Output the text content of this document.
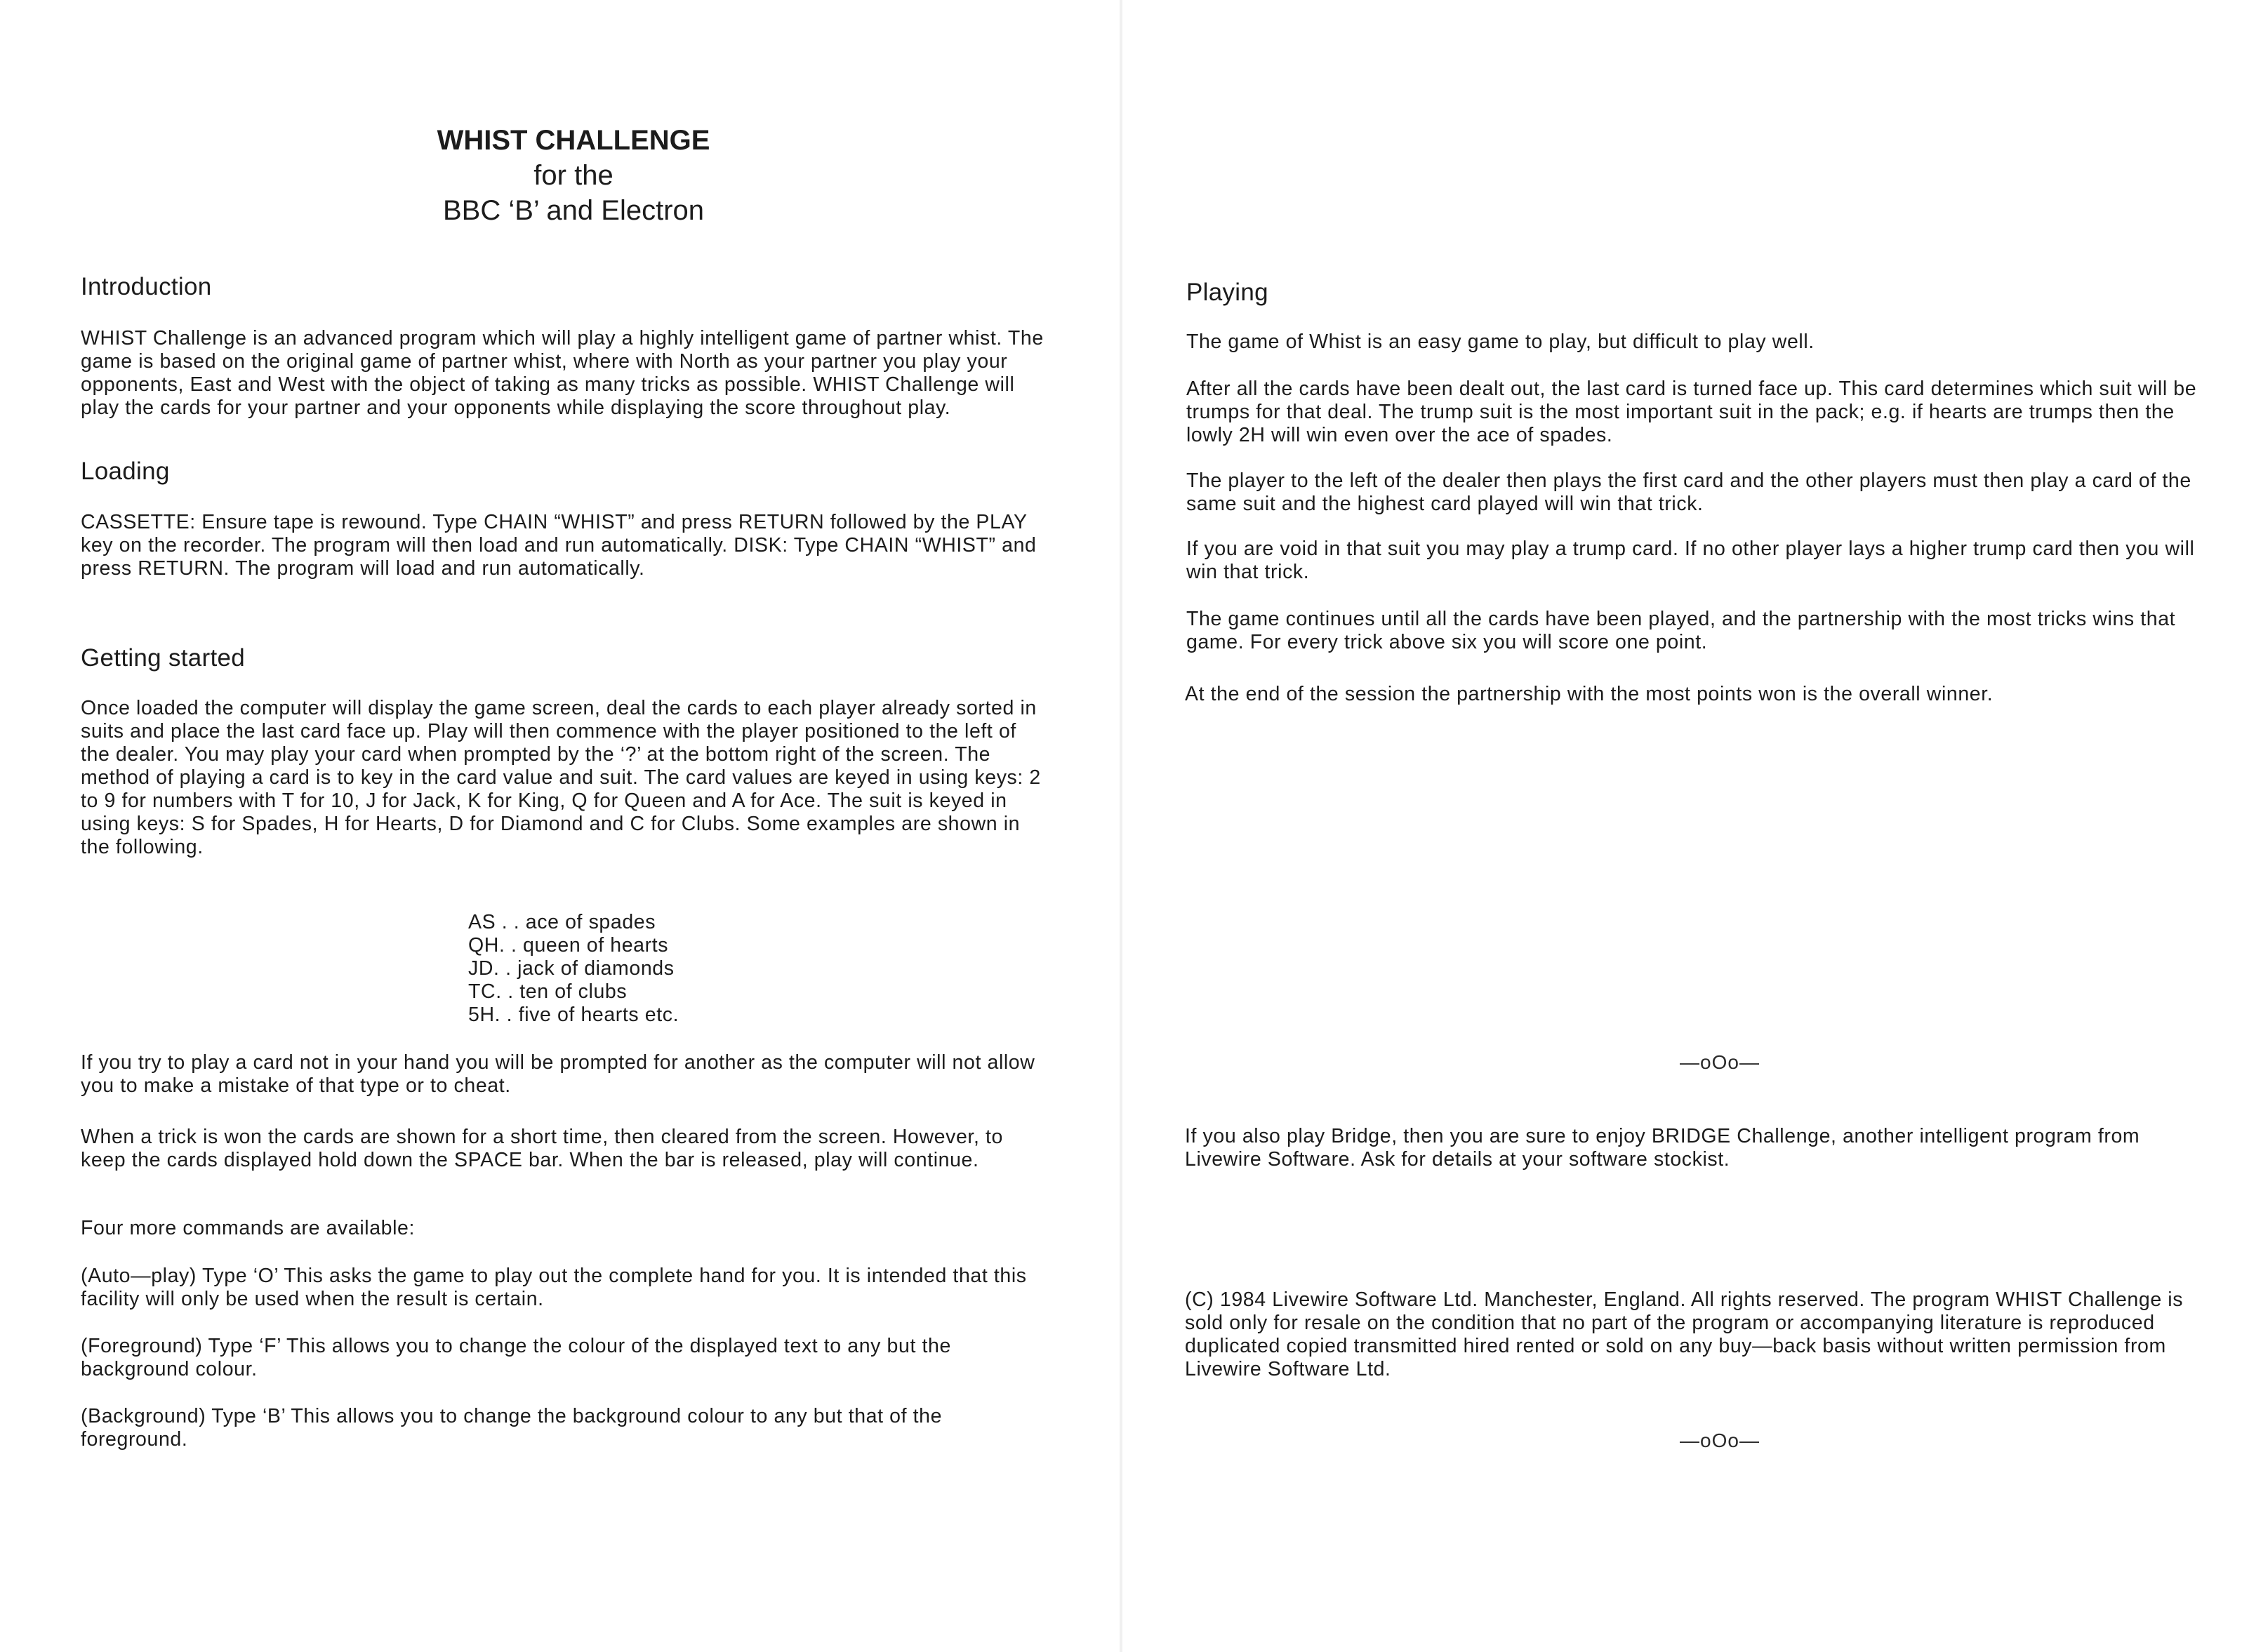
WHIST CHALLENGE
for the
BBC ‘B’ and Electron
Introduction

WHIST Challenge is an advanced program which will play a highly intelligent game of partner whist. The game is based on the original game of partner whist, where with North as your partner you play your opponents, East and West with the object of taking as many tricks as possible. WHIST Challenge will play the cards for your partner and your opponents while displaying the score throughout play.

Loading

CASSETTE: Ensure tape is rewound. Type CHAIN “WHIST” and press RETURN followed by the PLAY key on the recorder. The program will then load and run automatically. DISK: Type CHAIN “WHIST” and press RETURN. The program will load and run automatically.

Getting started

Once loaded the computer will display the game screen, deal the cards to each player already sorted in suits and place the last card face up. Play will then commence with the player positioned to the left of the dealer. You may play your card when prompted by the ‘?’ at the bottom right of the screen. The method of playing a card is to key in the card value and suit. The card values are keyed in using keys: 2 to 9 for numbers with T for 10, J for Jack, K for King, Q for Queen and A for Ace. The suit is keyed in using keys: S for Spades, H for Hearts, D for Diamond and C for Clubs. Some examples are shown in the following.

AS . . ace of spades
QH. . queen of hearts
JD. . jack of diamonds
TC. . ten of clubs
5H. . five of hearts etc.

If you try to play a card not in your hand you will be prompted for another as the computer will not allow you to make a mistake of that type or to cheat.

When a trick is won the cards are shown for a short time, then cleared from the screen. However, to keep the cards displayed hold down the SPACE bar. When the bar is released, play will continue.

Four more commands are available:

(Auto—play) Type ‘O’ This asks the game to play out the complete hand for you. It is intended that this facility will only be used when the result is certain.

(Foreground) Type ‘F’ This allows you to change the colour of the displayed text to any but the background colour.

(Background) Type ‘B’ This allows you to change the background colour to any but that of the foreground.

Playing

The game of Whist is an easy game to play, but difficult to play well.

After all the cards have been dealt out, the last card is turned face up. This card determines which suit will be trumps for that deal. The trump suit is the most important suit in the pack; e.g. if hearts are trumps then the lowly 2H will win even over the ace of spades.

The player to the left of the dealer then plays the first card and the other players must then play a card of the same suit and the highest card played will win that trick.

If you are void in that suit you may play a trump card. If no other player lays a higher trump card then you will win that trick.

The game continues until all the cards have been played, and the partnership with the most tricks wins that game. For every trick above six you will score one point.

At the end of the session the partnership with the most points won is the overall winner.

—oOo—

If you also play Bridge, then you are sure to enjoy BRIDGE Challenge, another intelligent program from Livewire Software. Ask for details at your software stockist.

(C) 1984 Livewire Software Ltd. Manchester, England. All rights reserved. The program WHIST Challenge is sold only for resale on the condition that no part of the program or accompanying literature is reproduced duplicated copied transmitted hired rented or sold on any buy—back basis without written permission from Livewire Software Ltd.

—oOo—
